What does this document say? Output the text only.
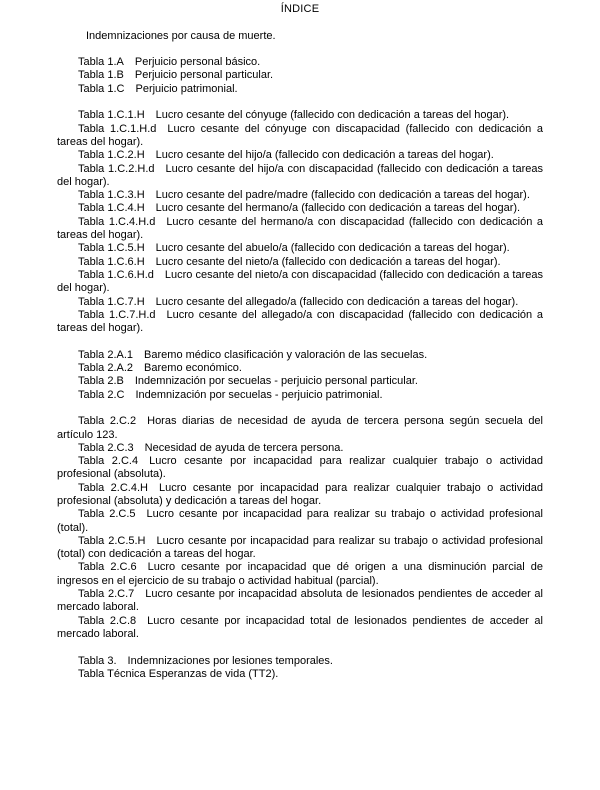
ÍNDICE

Indemnizaciones por causa de muerte.

Tabla 1.A Perjuicio personal básico.

Tabla 1.B Perjuicio personal particular.

Tabla 1.C Perjuicio patrimonial.

Tabla 1.C.1.H Lucro cesante del cónyuge (fallecido con dedicación a tareas del hogar).

Tabla 1.C.1.H.d Lucro cesante del cónyuge con discapacidad (fallecido con dedicación a tareas del hogar).

Tabla 1.C.2.H Lucro cesante del hijo/a (fallecido con dedicación a tareas del hogar).

Tabla 1.C.2.H.d Lucro cesante del hijo/a con discapacidad (fallecido con dedicación a tareas del hogar).

Tabla 1.C.3.H Lucro cesante del padre/madre (fallecido con dedicación a tareas del hogar).

Tabla 1.C.4.H Lucro cesante del hermano/a (fallecido con dedicación a tareas del hogar).

Tabla 1.C.4.H.d Lucro cesante del hermano/a con discapacidad (fallecido con dedicación a tareas del hogar).

Tabla 1.C.5.H Lucro cesante del abuelo/a (fallecido con dedicación a tareas del hogar).

Tabla 1.C.6.H Lucro cesante del nieto/a (fallecido con dedicación a tareas del hogar).

Tabla 1.C.6.H.d Lucro cesante del nieto/a con discapacidad (fallecido con dedicación a tareas del hogar).

Tabla 1.C.7.H Lucro cesante del allegado/a (fallecido con dedicación a tareas del hogar).

Tabla 1.C.7.H.d Lucro cesante del allegado/a con discapacidad (fallecido con dedicación a tareas del hogar).

Tabla 2.A.1 Baremo médico clasificación y valoración de las secuelas.

Tabla 2.A.2 Baremo económico.

Tabla 2.B Indemnización por secuelas - perjuicio personal particular.

Tabla 2.C Indemnización por secuelas - perjuicio patrimonial.

Tabla 2.C.2 Horas diarias de necesidad de ayuda de tercera persona según secuela del artículo 123.

Tabla 2.C.3 Necesidad de ayuda de tercera persona.

Tabla 2.C.4 Lucro cesante por incapacidad para realizar cualquier trabajo o actividad profesional (absoluta).

Tabla 2.C.4.H Lucro cesante por incapacidad para realizar cualquier trabajo o actividad profesional (absoluta) y dedicación a tareas del hogar.

Tabla 2.C.5 Lucro cesante por incapacidad para realizar su trabajo o actividad profesional (total).

Tabla 2.C.5.H Lucro cesante por incapacidad para realizar su trabajo o actividad profesional (total) con dedicación a tareas del hogar.

Tabla 2.C.6 Lucro cesante por incapacidad que dé origen a una disminución parcial de ingresos en el ejercicio de su trabajo o actividad habitual (parcial).

Tabla 2.C.7 Lucro cesante por incapacidad absoluta de lesionados pendientes de acceder al mercado laboral.

Tabla 2.C.8 Lucro cesante por incapacidad total de lesionados pendientes de acceder al mercado laboral.

Tabla 3. Indemnizaciones por lesiones temporales.

Tabla Técnica Esperanzas de vida (TT2).
